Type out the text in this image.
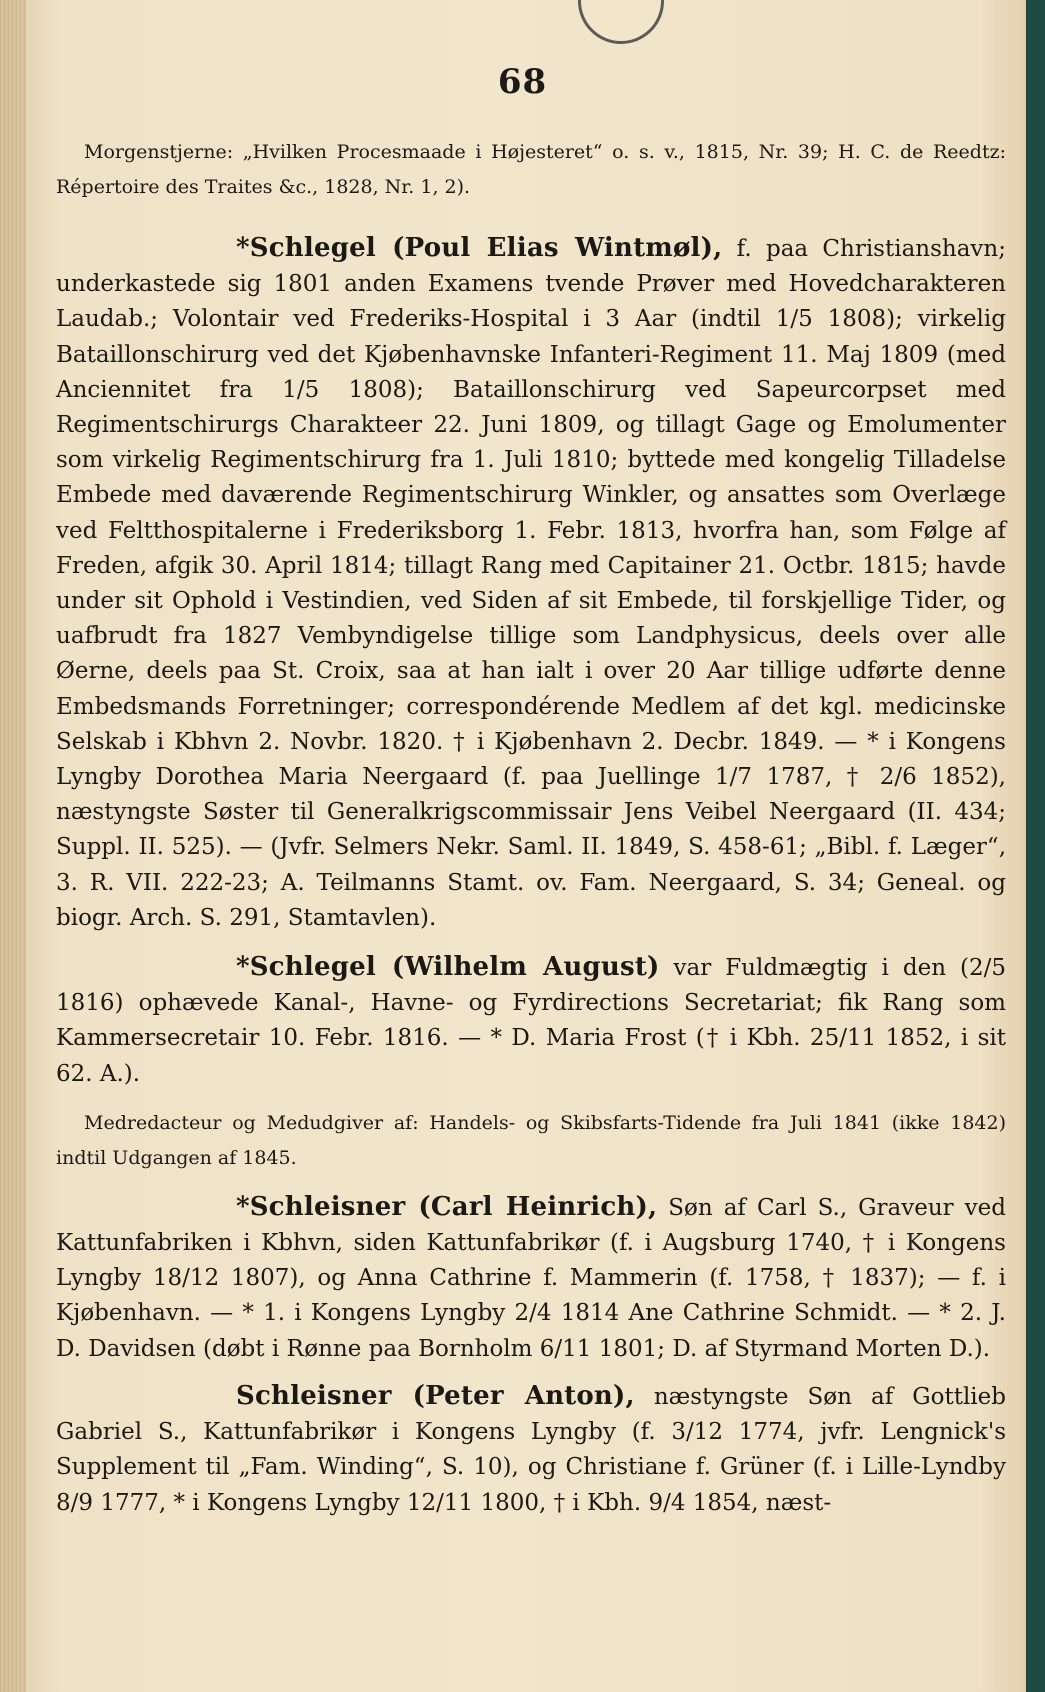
68

Morgenstjerne: „Hvilken Procesmaade i Højesteret“ o. s. v., 1815, Nr. 39; H. C. de Reedtz: Répertoire des Traites &c., 1828, Nr. 1, 2).

*Schlegel (Poul Elias Wintmøl), f. paa Christianshavn; underkastede sig 1801 anden Examens tvende Prøver med Hovedcharakteren Laudab.; Volontair ved Frederiks-Hospital i 3 Aar (indtil 1/5 1808); virkelig Bataillonschirurg ved det Kjøbenhavnske Infanteri-Regiment 11. Maj 1809 (med Anciennitet fra 1/5 1808); Bataillonschirurg ved Sapeurcorpset med Regimentschirurgs Charakteer 22. Juni 1809, og tillagt Gage og Emolumenter som virkelig Regimentschirurg fra 1. Juli 1810; byttede med kongelig Tilladelse Embede med daværende Regimentschirurg Winkler, og ansattes som Overlæge ved Feltthospitalerne i Frederiksborg 1. Febr. 1813, hvorfra han, som Følge af Freden, afgik 30. April 1814; tillagt Rang med Capitainer 21. Octbr. 1815; havde under sit Ophold i Vestindien, ved Siden af sit Embede, til forskjellige Tider, og uafbrudt fra 1827 Vembyndigelse tillige som Landphysicus, deels over alle Øerne, deels paa St. Croix, saa at han ialt i over 20 Aar tillige udførte denne Embedsmands Forretninger; correspondérende Medlem af det kgl. medicinske Selskab i Kbhvn 2. Novbr. 1820. † i Kjøbenhavn 2. Decbr. 1849. — * i Kongens Lyngby Dorothea Maria Neergaard (f. paa Juellinge 1/7 1787, † 2/6 1852), næstyngste Søster til Generalkrigscommissair Jens Veibel Neergaard (II. 434; Suppl. II. 525). — (Jvfr. Selmers Nekr. Saml. II. 1849, S. 458-61; „Bibl. f. Læger“, 3. R. VII. 222-23; A. Teilmanns Stamt. ov. Fam. Neergaard, S. 34; Geneal. og biogr. Arch. S. 291, Stamtavlen).

*Schlegel (Wilhelm August) var Fuldmægtig i den (2/5 1816) ophævede Kanal-, Havne- og Fyrdirections Secretariat; fik Rang som Kammersecretair 10. Febr. 1816. — * D. Maria Frost († i Kbh. 25/11 1852, i sit 62. A.).

Medredacteur og Medudgiver af: Handels- og Skibsfarts-Tidende fra Juli 1841 (ikke 1842) indtil Udgangen af 1845.

*Schleisner (Carl Heinrich), Søn af Carl S., Graveur ved Kattunfabriken i Kbhvn, siden Kattunfabrikør (f. i Augsburg 1740, † i Kongens Lyngby 18/12 1807), og Anna Cathrine f. Mammerin (f. 1758, † 1837); — f. i Kjøbenhavn. — * 1. i Kongens Lyngby 2/4 1814 Ane Cathrine Schmidt. — * 2. J. D. Davidsen (døbt i Rønne paa Bornholm 6/11 1801; D. af Styrmand Morten D.).

Schleisner (Peter Anton), næstyngste Søn af Gottlieb Gabriel S., Kattunfabrikør i Kongens Lyngby (f. 3/12 1774, jvfr. Lengnick's Supplement til „Fam. Winding“, S. 10), og Christiane f. Grüner (f. i Lille-Lyndby 8/9 1777, * i Kongens Lyngby 12/11 1800, † i Kbh. 9/4 1854, næst-
